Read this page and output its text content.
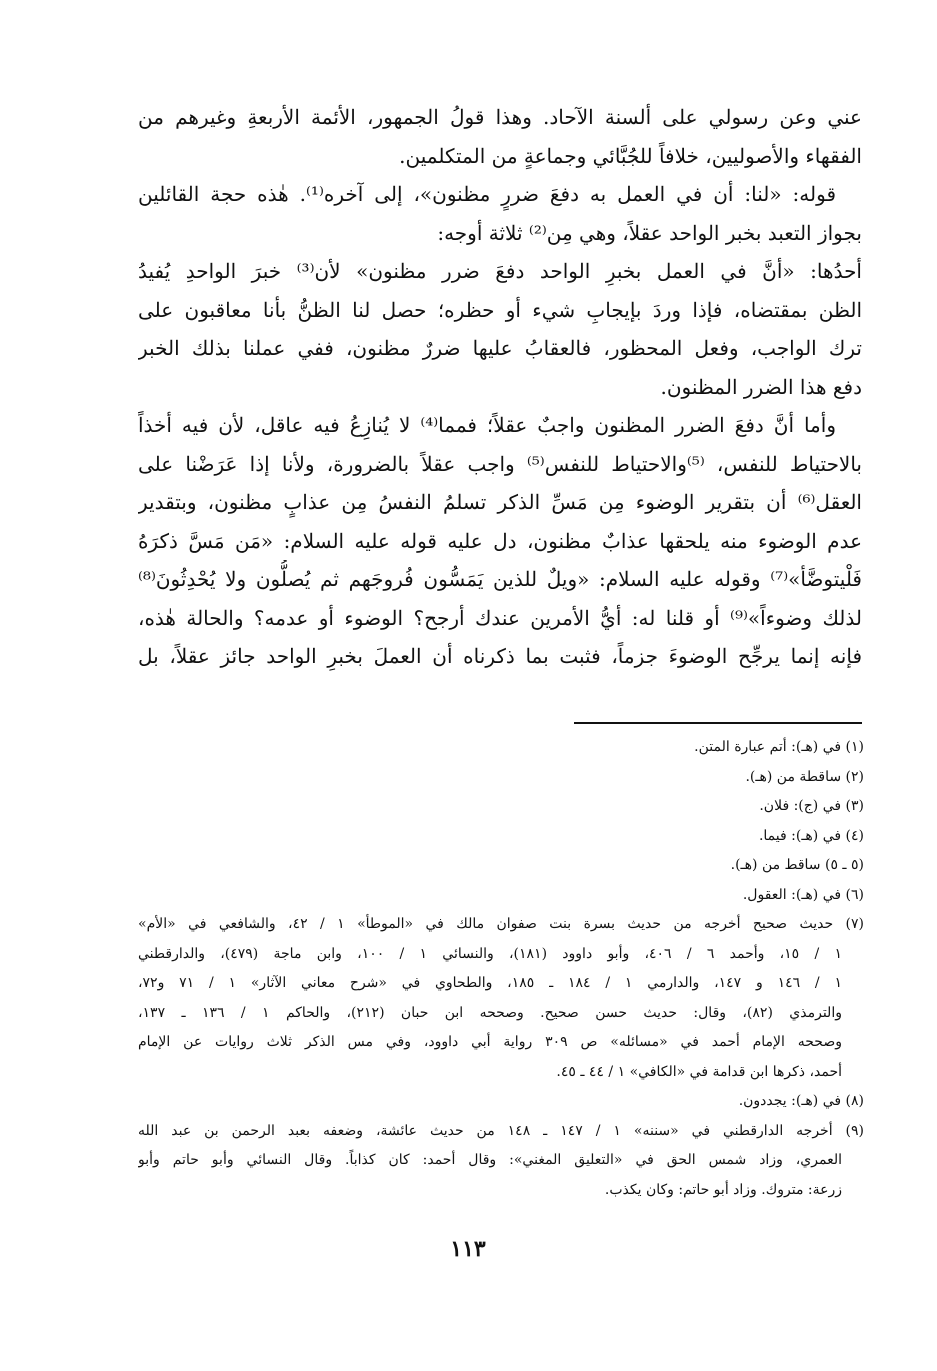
عني وعن رسولي على ألسنة الآحاد. وهذا قولُ الجمهور، الأئمة الأربعةِ وغيرهم من
الفقهاء والأصوليين، خلافاً للجُبَّائي وجماعةٍ من المتكلمين.
قوله: «لنا: أن في العمل به دفعَ ضررٍ مظنون»، إلى آخره⁽¹⁾. هٰذه حجة القائلين
بجواز التعبد بخبر الواحد عقلاً، وهي مِن⁽²⁾ ثلاثة أوجه:
أحدُها: «أنَّ في العمل بخبرِ الواحد دفعَ ضرر مظنون» لأن⁽³⁾ خبرَ الواحدِ يُفيدُ
الظن بمقتضاه، فإذا وردَ بإيجابِ شيء أو حظره؛ حصل لنا الظنُّ بأنا معاقبون على
ترك الواجب، وفعل المحظور، فالعقابُ عليها ضررٌ مظنون، ففي عملنا بذلك الخبر
دفع هذا الضرر المظنون.
وأما أنَّ دفعَ الضرر المظنون واجبٌ عقلاً؛ فمما⁽⁴⁾ لا يُنازِعُ فيه عاقل، لأن فيه أخذاً
بالاحتياط للنفس، ⁽⁵⁾والاحتياط للنفس⁽⁵⁾ واجب عقلاً بالضرورة، ولأنا إذا عَرَضْنا على
العقل⁽⁶⁾ أن بتقرير الوضوء مِن مَسِّ الذكر تسلمُ النفسُ مِن عذابٍ مظنون، وبتقدير
عدم الوضوء منه يلحقها عذابٌ مظنون، دل عليه قوله عليه السلام: «مَن مَسَّ ذكرَهُ
فَلْيتوضَّأ»⁽⁷⁾ وقوله عليه السلام: «ويلٌ للذين يَمَسُّون فُروجَهم ثم يُصلُّون ولا يُحْدِثُونَ⁽⁸⁾
لذلك وضوءاً»⁽⁹⁾ أو قلنا له: أيُّ الأمرين عندك أرجح؟ الوضوء أو عدمه؟ والحالة هٰذه،
فإنه إنما يرجِّح الوضوءَ جزماً، فثبت بما ذكرناه أن العملَ بخبرِ الواحد جائز عقلاً، بل
(١) في (هـ): أتم عبارة المتن.
(٢) ساقطة من (هـ).
(٣) في (ج): فلان.
(٤) في (هـ): فيما.
(٥ ـ ٥) ساقط من (هـ).
(٦) في (هـ): العقول.
(٧) حديث صحيح أخرجه من حديث بسرة بنت صفوان مالك في «الموطأ» ١ / ٤٢، والشافعي في «الأم»
١ / ١٥، وأحمد ٦ / ٤٠٦، وأبو داوود (١٨١)، والنسائي ١ / ١٠٠، وابن ماجة (٤٧٩)، والدارقطني
١ / ١٤٦ و ١٤٧، والدارمي ١ / ١٨٤ ـ ١٨٥، والطحاوي في «شرح معاني الآثار» ١ / ٧١ و٧٢،
والترمذي (٨٢)، وقال: حديث حسن صحيح. وصححه ابن حبان (٢١٢)، والحاكم ١ / ١٣٦ ـ ١٣٧،
وصححه الإمام أحمد في «مسائله» ص ٣٠٩ رواية أبي داوود، وفي مس الذكر ثلاث روايات عن الإمام
أحمد، ذكرها ابن قدامة في «الكافي» ١ / ٤٤ ـ ٤٥.
(٨) في (هـ): يجددون.
(٩) أخرجه الدارقطني في «سننه» ١ / ١٤٧ ـ ١٤٨ من حديث عائشة، وضعفه بعبد الرحمن بن عبد الله
العمري، وزاد شمس الحق في «التعليق المغني»: وقال أحمد: كان كذاباً. وقال النسائي وأبو حاتم وأبو
زرعة: متروك. وزاد أبو حاتم: وكان يكذب.
١١٣
